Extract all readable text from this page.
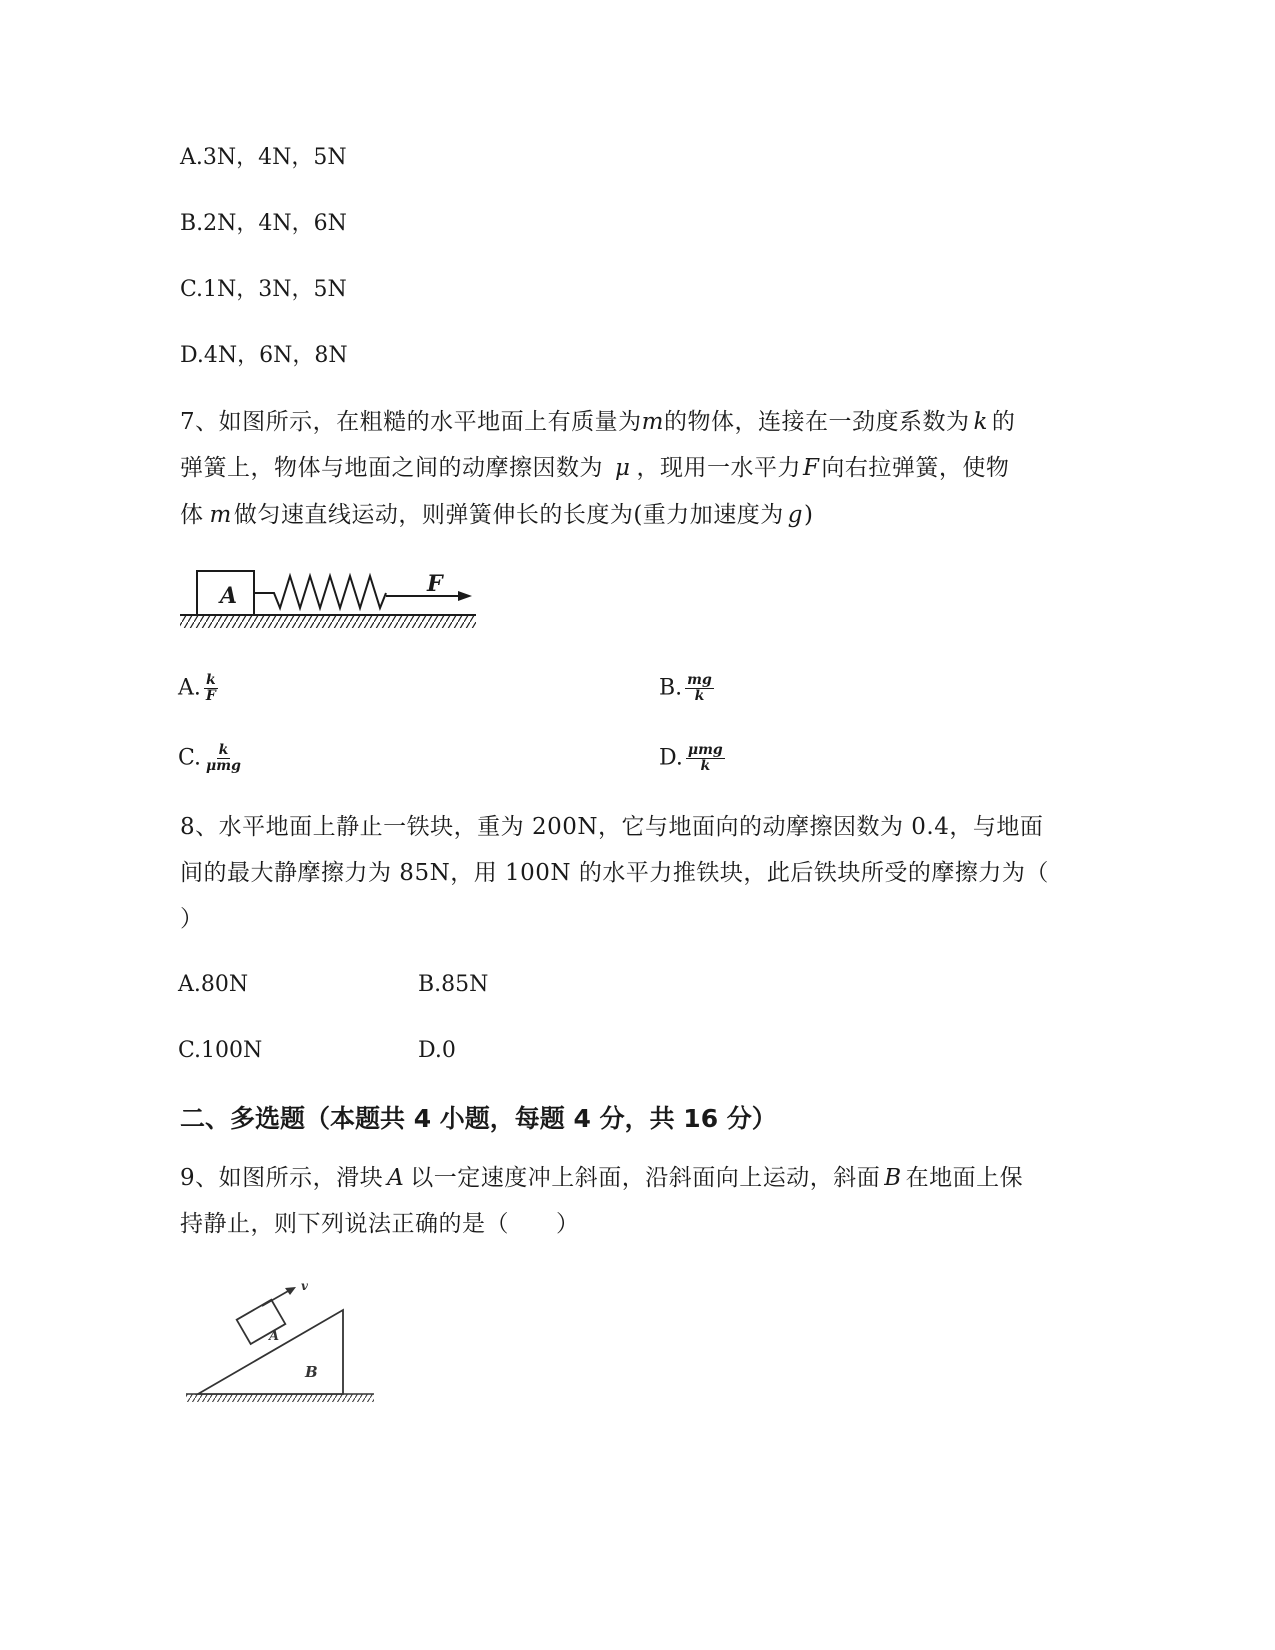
A.3N，4N，5N
B.2N，4N，6N
C.1N，3N，5N
D.4N，6N，8N
7、如图所示，在粗糙的水平地面上有质量为m的物体，连接在一劲度系数为 k 的
弹簧上，物体与地面之间的动摩擦因数为 μ ，现用一水平力F向右拉弹簧，使物
体 m做匀速直线运动，则弹簧伸长的长度为(重力加速度为 g)
A	F
A. $\frac{k}{F}$	B. $\frac{mg}{k}$
C. $\frac{k}{\text{μmg}}$	D. $\frac{\text{μmg}}{k}$
8、水平地面上静止一铁块，重为 200N，它与地面向的动摩擦因数为 0.4，与地面
间的最大静摩擦力为 85N，用 100N 的水平力推铁块，此后铁块所受的摩擦力为（
）
A.80N	B.85N
C.100N	D.0
二、多选题（本题共 4 小题，每题 4 分，共 16 分）
9、如图所示，滑块 A 以一定速度冲上斜面，沿斜面向上运动，斜面 B 在地面上保
持静止，则下列说法正确的是（　　）
B
A
v
